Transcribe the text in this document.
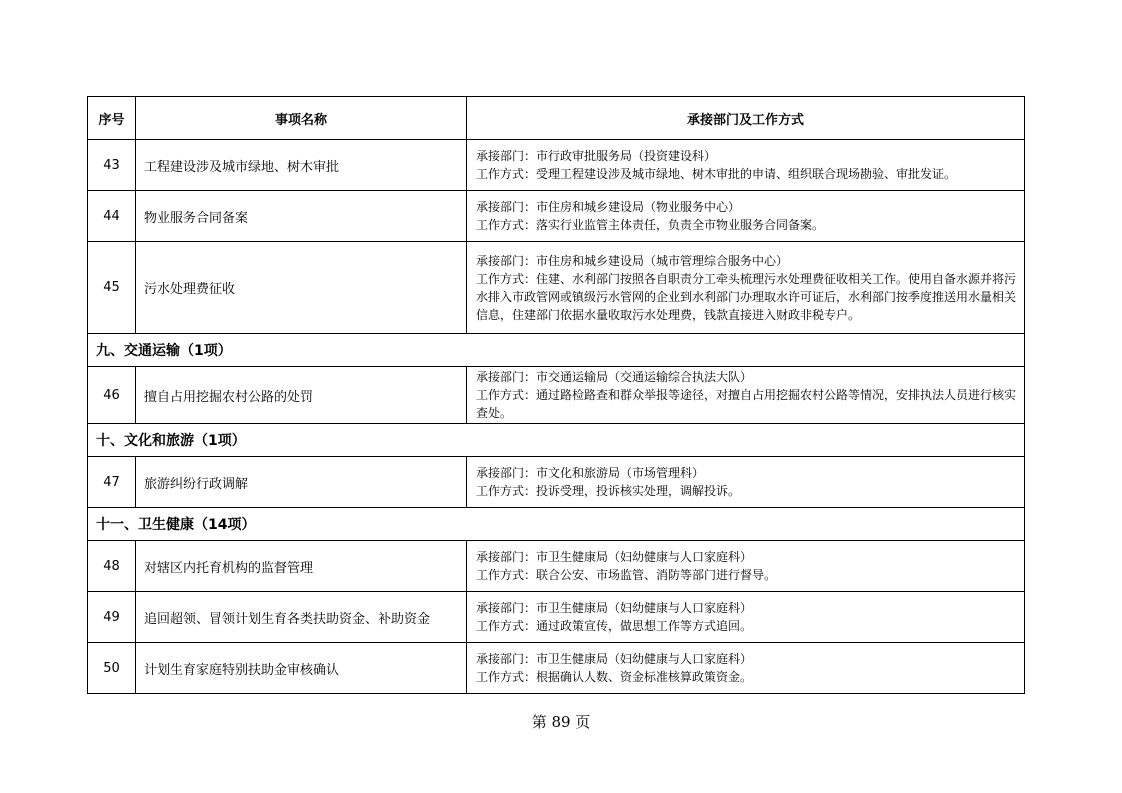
序号	事项名称	承接部门及工作方式
43	工程建设涉及城市绿地、树木审批	承接部门：市行政审批服务局（投资建设科）
工作方式：受理工程建设涉及城市绿地、树木审批的申请、组织联合现场勘验、审批发证。

44	物业服务合同备案	承接部门：市住房和城乡建设局（物业服务中心）
工作方式：落实行业监管主体责任，负责全市物业服务合同备案。

45	污水处理费征收	承接部门：市住房和城乡建设局（城市管理综合服务中心）
工作方式：住建、水利部门按照各自职责分工牵头梳理污水处理费征收相关工作。使用自备水源并将污水排入市政管网或镇级污水管网的企业到水利部门办理取水许可证后，水利部门按季度推送用水量相关信息，住建部门依据水量收取污水处理费，钱款直接进入财政非税专户。

九、交通运输（1项）		
46	擅自占用挖掘农村公路的处罚	承接部门：市交通运输局（交通运输综合执法大队）
工作方式：通过路检路查和群众举报等途径，对擅自占用挖掘农村公路等情况，安排执法人员进行核实查处。

十、文化和旅游（1项）		
47	旅游纠纷行政调解	承接部门：市文化和旅游局（市场管理科）
工作方式：投诉受理，投诉核实处理，调解投诉。

十一、卫生健康（14项）		
48	对辖区内托育机构的监督管理	承接部门：市卫生健康局（妇幼健康与人口家庭科）
工作方式：联合公安、市场监管、消防等部门进行督导。

49	追回超领、冒领计划生育各类扶助资金、补助资金	承接部门：市卫生健康局（妇幼健康与人口家庭科）
工作方式：通过政策宣传，做思想工作等方式追回。

50	计划生育家庭特别扶助金审核确认	承接部门：市卫生健康局（妇幼健康与人口家庭科）
工作方式：根据确认人数、资金标准核算政策资金。
第 89 页
